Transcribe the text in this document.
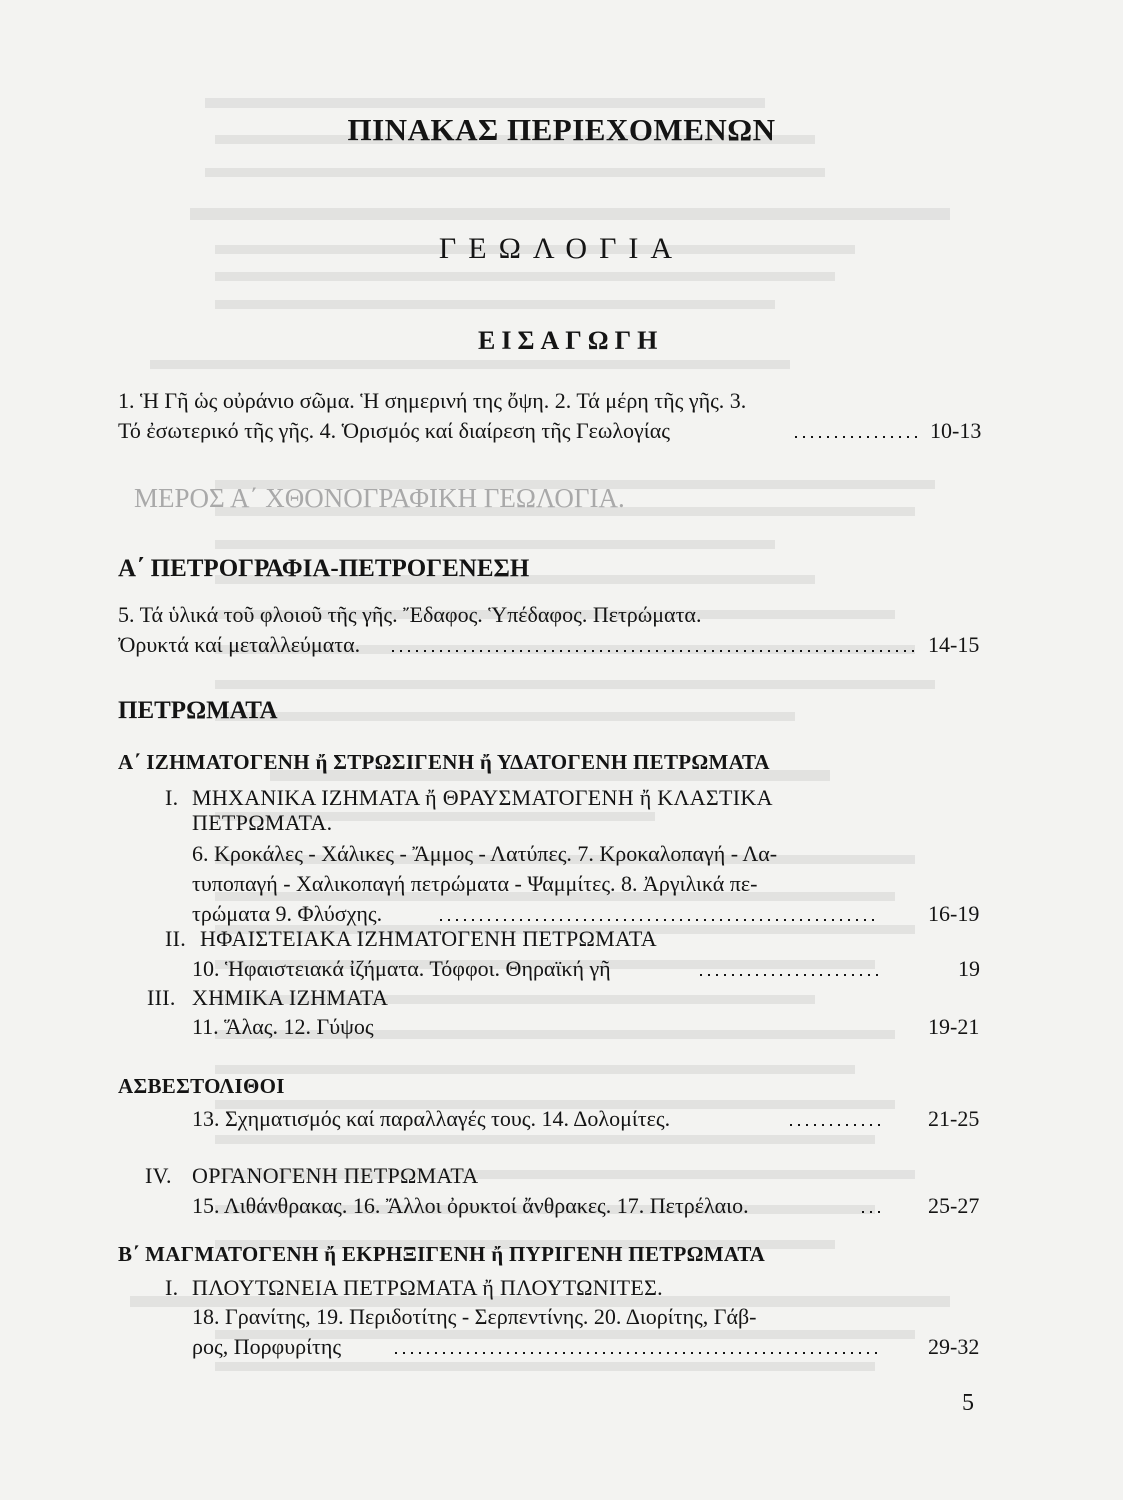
ΠΙΝΑΚΑΣ ΠΕΡΙΕΧΟΜΕΝΩΝ
ΓΕΩΛΟΓΙΑ
ΕΙΣΑΓΩΓΗ
1. Ἡ Γῆ ὡς οὐράνιο σῶμα. Ἡ σημερινή της ὄψη. 2. Τά μέρη τῆς γῆς. 3.
Τό ἐσωτερικό τῆς γῆς. 4. Ὁρισμός καί διαίρεση τῆς Γεωλογίας	10-13
ΜΕΡΟΣ Α΄ ΧΘΟΝΟΓΡΑΦΙΚΗ ΓΕΩΛΟΓΙΑ.
Α΄ ΠΕΤΡΟΓΡΑΦΙΑ-ΠΕΤΡΟΓΕΝΕΣΗ
5. Τά ὑλικά τοῦ φλοιοῦ τῆς γῆς. Ἔδαφος. Ὑπέδαφος. Πετρώματα.
Ὀρυκτά καί μεταλλεύματα.	14-15
ΠΕΤΡΩΜΑΤΑ
Α΄ ΙΖΗΜΑΤΟΓΕΝΗ ἤ ΣΤΡΩΣΙΓΕΝΗ ἤ ΥΔΑΤΟΓΕΝΗ ΠΕΤΡΩΜΑΤΑ
Ι. ΜΗΧΑΝΙΚΑ ΙΖΗΜΑΤΑ ἤ ΘΡΑΥΣΜΑΤΟΓΕΝΗ ἤ ΚΛΑΣΤΙΚΑ
ΠΕΤΡΩΜΑΤΑ.
6. Κροκάλες - Χάλικες - Ἄμμος - Λατύπες. 7. Κροκαλοπαγή - Λα-
τυποπαγή - Χαλικοπαγή πετρώματα - Ψαμμίτες. 8. Ἀργιλικά πε-
τρώματα 9. Φλύσχης.	16-19
ΙΙ. ΗΦΑΙΣΤΕΙΑΚΑ ΙΖΗΜΑΤΟΓΕΝΗ ΠΕΤΡΩΜΑΤΑ
10. Ἡφαιστειακά ἰζήματα. Τόφφοι. Θηραϊκή γῆ	19
ΙΙΙ. ΧΗΜΙΚΑ ΙΖΗΜΑΤΑ
11. Ἅλας. 12. Γύψος	19-21
ΑΣΒΕΣΤΟΛΙΘΟΙ
13. Σχηματισμός καί παραλλαγές τους. 14. Δολομίτες.	21-25
ΙV. ΟΡΓΑΝΟΓΕΝΗ ΠΕΤΡΩΜΑΤΑ
15. Λιθάνθρακας. 16. Ἄλλοι ὀρυκτοί ἄνθρακες. 17. Πετρέλαιο.	25-27
Β΄ ΜΑΓΜΑΤΟΓΕΝΗ ἤ ΕΚΡΗΞΙΓΕΝΗ ἤ ΠΥΡΙΓΕΝΗ ΠΕΤΡΩΜΑΤΑ
Ι. ΠΛΟΥΤΩΝΕΙΑ ΠΕΤΡΩΜΑΤΑ ἤ ΠΛΟΥΤΩΝΙΤΕΣ.
18. Γρανίτης, 19. Περιδοτίτης - Σερπεντίνης. 20. Διορίτης, Γάβ-
ρος, Πορφυρίτης	29-32
5
